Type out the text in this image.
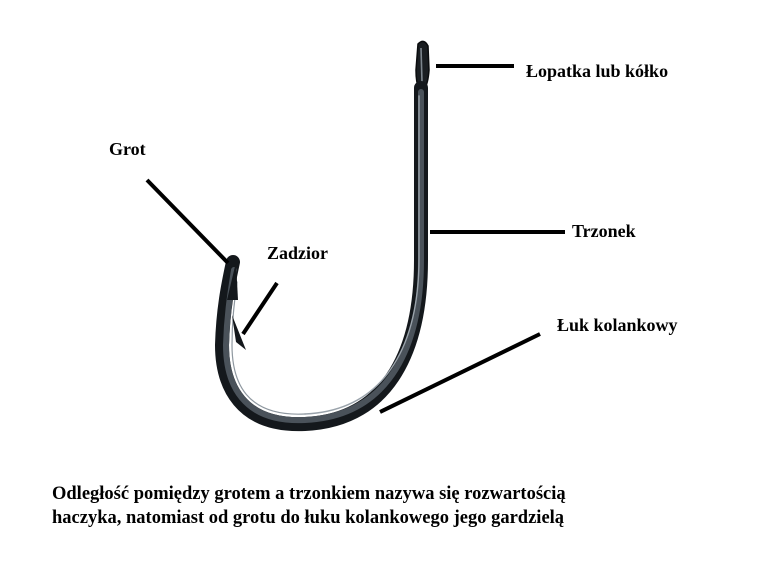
Łopatka lub kółko
Grot
Zadzior
Trzonek
Łuk kolankowy
Odległość pomiędzy grotem a trzonkiem nazywa się rozwartością
haczyka, natomiast od grotu do łuku kolankowego jego gardzielą
